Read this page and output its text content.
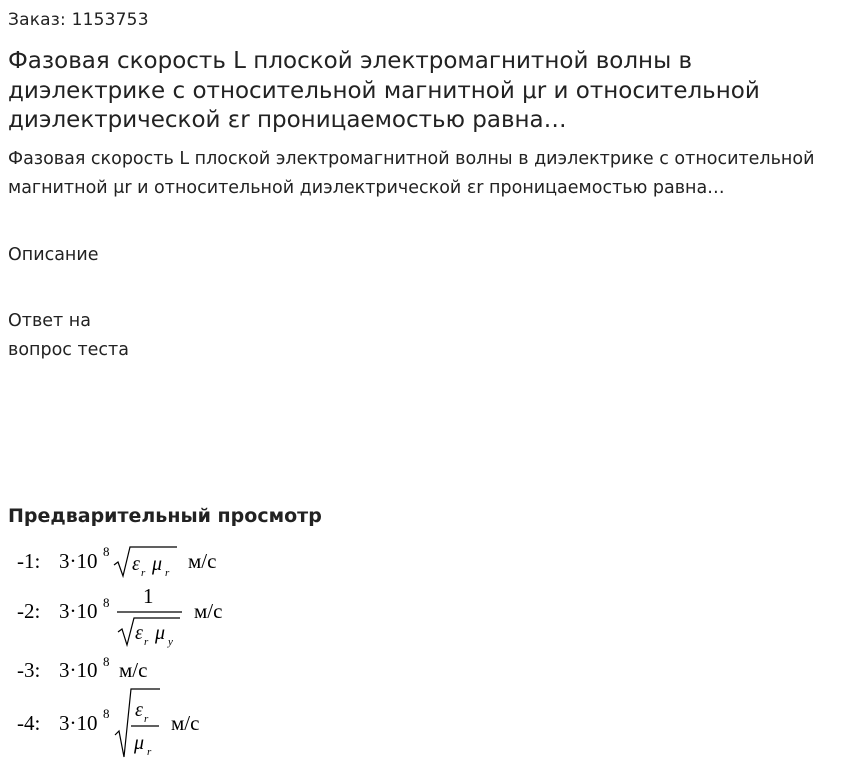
Заказ: 1153753
Фазовая скорость L плоской электромагнитной волны в диэлектрике с относительной магнитной μr и относительной диэлектрической εr проницаемостью равна…

Фазовая скорость L плоской электромагнитной волны в диэлектрике с относительной магнитной μr и относительной диэлектрической εr проницаемостью равна…

Описание
Ответ на
вопрос теста
Предварительный просмотр
-1: 3·10 8
ε r μ r м/с
-2: 3·10 8 1
ε r μ y
м/с
-3: 3·10 8 м/с
-4: 3·10 8 ε r
μ r
м/с
